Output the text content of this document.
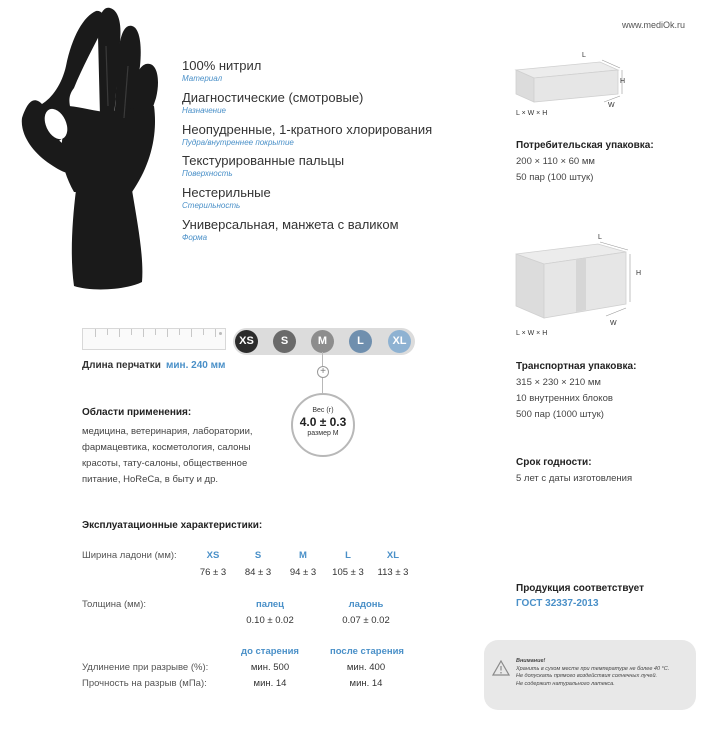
www.mediOk.ru
100% нитрил
Материал
Диагностические (смотровые)
Назначение
Неопудренные, 1-кратного хлорирования
Пудра/внутреннее покрытие
Текстурированные пальцы
Поверхность
Нестерильные
Стерильность
Универсальная, манжета с валиком
Форма
XS	S	M	L	XL
Длина перчатки мин. 240 мм
+
Вес (г)
4.0 ± 0.3
размер M
Области применения:
медицина, ветеринария, лаборатории,
фармацевтика, косметология, салоны
красоты, тату-салоны, общественное
питание, HoReCa, в быту и др.
Эксплуатационные характеристики:
Ширина ладони (мм):	XS	S	M	L	XL
76 ± 3	84 ± 3	94 ± 3	105 ± 3	113 ± 3
Толщина (мм):	палец	ладонь
0.10 ± 0.02	0.07 ± 0.02
до старения	после старения
Удлинение при разрыве (%):	мин. 500	мин. 400
Прочность на разрыв (мПа):	мин. 14	мин. 14
L
H
W
L × W × H
Потребительская упаковка:
200 × 110 × 60 мм
50 пар (100 штук)
L
H
W
L × W × H
Транспортная упаковка:
315 × 230 × 210 мм
10 внутренних блоков
500 пар (1000 штук)
Срок годности:
5 лет с даты изготовления
Продукция соответствует
ГОСТ 32337-2013
Внимание!
Хранить в сухом месте при температуре не более 40 °С.
Не допускать прямого воздействия солнечных лучей.
Не содержит натурального латекса.
